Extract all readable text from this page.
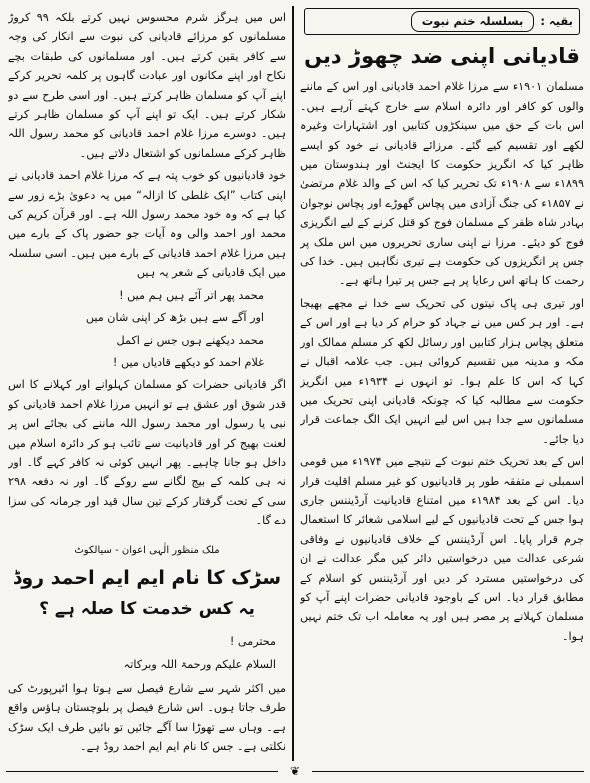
بقیہ :
بسلسلہ ختم نبوت
قادیانی اپنی ضد چھوڑ دیں

مسلمان ۱۹۰۱ء سے مرزا غلام احمد قادیانی اور اس کے ماننے والوں کو کافر اور دائرہ اسلام سے خارج کہتے آرہے ہیں۔ اس بات کے حق میں سینکڑوں کتابیں اور اشتہارات وغیرہ لکھے اور تقسیم کیے گئے۔ مرزائے قادیانی نے خود کو ایسے ظاہر کیا کہ انگریز حکومت کا ایجنٹ اور ہندوستان میں ۱۸۹۹ء سے ۱۹۰۸ء تک تحریر کیا کہ اس کے والد غلام مرتضیٰ نے ۱۸۵۷ء کی جنگ آزادی میں پچاس گھوڑے اور پچاس نوجوان بہادر شاہ ظفر کے مسلمان فوج کو قتل کرنے کے لیے انگریزی فوج کو دیئے۔ مرزا نے اپنی ساری تحریروں میں اس ملک پر جس پر انگریزوں کی حکومت ہے تیری نگاہیں ہیں۔ خدا کی رحمت کا ہاتھ اس رعایا پر ہے جس پر تیرا ہاتھ ہے۔

اور تیری ہی پاک نیتوں کی تحریک سے خدا نے مجھے بھیجا ہے۔ اور ہر کس میں نے جہاد کو حرام کر دیا ہے اور اس کے متعلق پچاس ہزار کتابیں اور رسائل لکھ کر مسلم ممالک اور مکہ و مدینہ میں تقسیم کروائی ہیں۔ جب علامہ اقبال نے کہا کہ اس کا علم ہوا۔ تو انہوں نے ۱۹۳۴ء میں انگریز حکومت سے مطالبہ کیا کہ چونکہ قادیانی اپنی تحریک میں مسلمانوں سے جدا ہیں اس لیے انہیں ایک الگ جماعت قرار دیا جائے۔

اس کے بعد تحریک ختم نبوت کے نتیجے میں ۱۹۷۴ء میں قومی اسمبلی نے متفقہ طور پر قادیانیوں کو غیر مسلم اقلیت قرار دیا۔ اس کے بعد ۱۹۸۴ء میں امتناع قادیانیت آرڈیننس جاری ہوا جس کے تحت قادیانیوں کے لیے اسلامی شعائر کا استعمال جرم قرار پایا۔ اس آرڈیننس کے خلاف قادیانیوں نے وفاقی شرعی عدالت میں درخواستیں دائر کیں مگر عدالت نے ان کی درخواستیں مسترد کر دیں اور آرڈیننس کو اسلام کے مطابق قرار دیا۔ اس کے باوجود قادیانی حضرات اپنے آپ کو مسلمان کہلانے پر مصر ہیں اور یہ معاملہ اب تک ختم نہیں ہوا۔

اس میں ہرگز شرم محسوس نہیں کرتے بلکہ ۹۹ کروڑ مسلمانوں کو مرزائے قادیانی کی نبوت سے انکار کی وجہ سے کافر یقین کرتے ہیں۔ اور مسلمانوں کی طبقات بچے نکاح اور اپنے مکانوں اور عبادت گاہوں پر کلمہ تحریر کرکے اپنے آپ کو مسلمان ظاہر کرتے ہیں۔ اور اسی طرح سے دو شکار کرتے ہیں۔ ایک تو اپنے آپ کو مسلمان ظاہر کرتے ہیں۔ دوسرے مرزا غلام احمد قادیانی کو محمد رسول اللہ ظاہر کرکے مسلمانوں کو اشتعال دلاتے ہیں۔

خود قادیانیوں کو خوب پتہ ہے کہ مرزا غلام احمد قادیانی نے اپنی کتاب ”ایک غلطی کا ازالہ“ میں یہ دعویٰ بڑے زور سے کیا ہے کہ وہ خود محمد رسول اللہ ہے۔ اور قرآن کریم کی محمد اور احمد والی وہ آیات جو حضور پاک کے بارے میں ہیں مرزا غلام احمد قادیانی کے بارے میں ہیں۔ اسی سلسلہ میں ایک قادیانی کے شعر یہ ہیں

محمد پھر اتر آئے ہیں ہم میں !

اور آگے سے ہیں بڑھ کر اپنی شان میں

محمد دیکھنے ہوں جس نے اکمل

غلام احمد کو دیکھے قادیاں میں !

اگر قادیانی حضرات کو مسلمان کہلوانے اور کہلانے کا اس قدر شوق اور عشق ہے تو انہیں مرزا غلام احمد قادیانی کو نبی یا رسول اور محمد رسول اللہ ماننے کی بجائے اس پر لعنت بھیج کر اور قادیانیت سے تائب ہو کر دائرہ اسلام میں داخل ہو جانا چاہیے۔ پھر انہیں کوئی نہ کافر کہے گا۔ اور نہ ہی کلمہ کے بیج لگانے سے روکے گا۔ اور نہ دفعہ ۲۹۸ سی کے تحت گرفتار کرکے تین سال قید اور جرمانہ کی سزا دے گا۔

ملک منظور الٰہی اعوان - سیالکوٹ
سڑک کا نام ایم ایم احمد روڈ
یہ کس خدمت کا صلہ ہے ؟

محترمی !

السلام علیکم ورحمۃ اللہ وبرکاتہ

میں اکثر شہر سے شارع فیصل سے ہوتا ہوا ائیرپورٹ کی طرف جاتا ہوں۔ اس شارع فیصل پر بلوچستان ہاؤس واقع ہے۔ وہاں سے تھوڑا سا آگے جائیں تو بائیں طرف ایک سڑک نکلتی ہے۔ جس کا نام ایم ایم احمد روڈ ہے۔

❦
